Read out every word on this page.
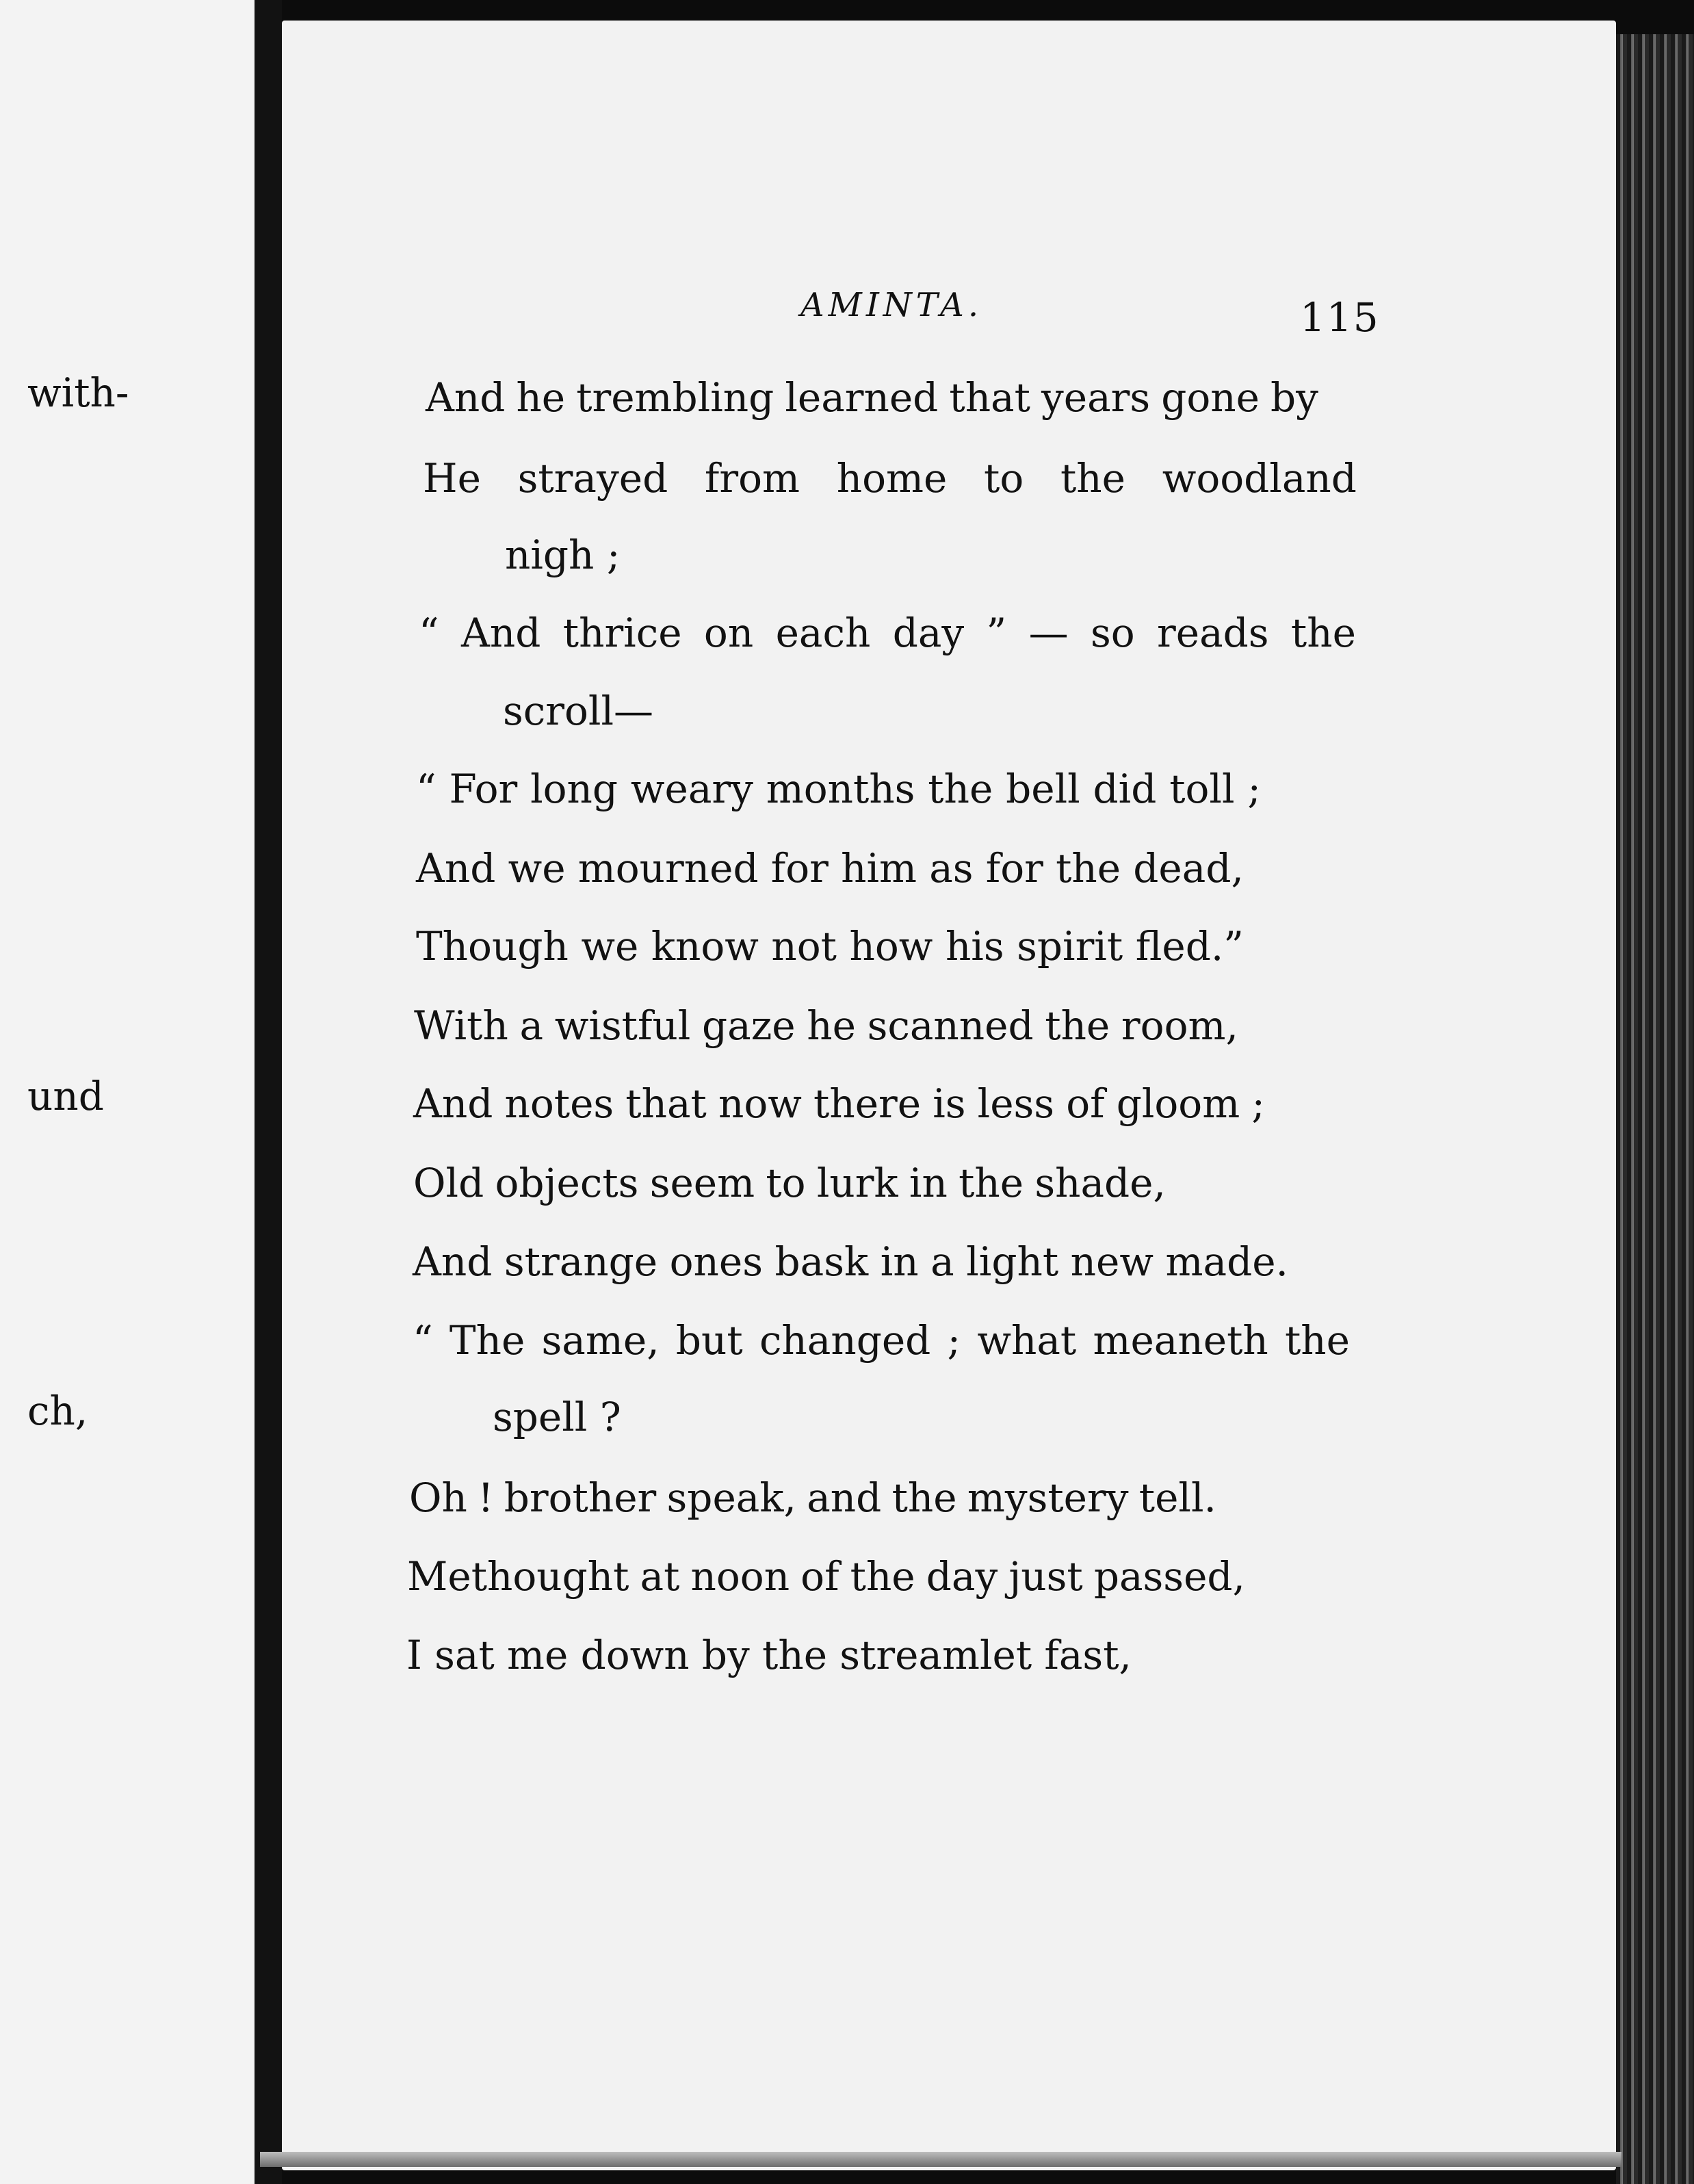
with-
und
ch,
AMINTA.	115
And he trembling learned that years gone by
He strayed from home to the woodland
nigh ;
“ And thrice on each day ” — so reads the
scroll—
“ For long weary months the bell did toll ;
And we mourned for him as for the dead,
Though we know not how his spirit fled.”
With a wistful gaze he scanned the room,
And notes that now there is less of gloom ;
Old objects seem to lurk in the shade,
And strange ones bask in a light new made.
“ The same, but changed ; what meaneth the
spell ?
Oh ! brother speak, and the mystery tell.
Methought at noon of the day just passed,
I sat me down by the streamlet fast,
